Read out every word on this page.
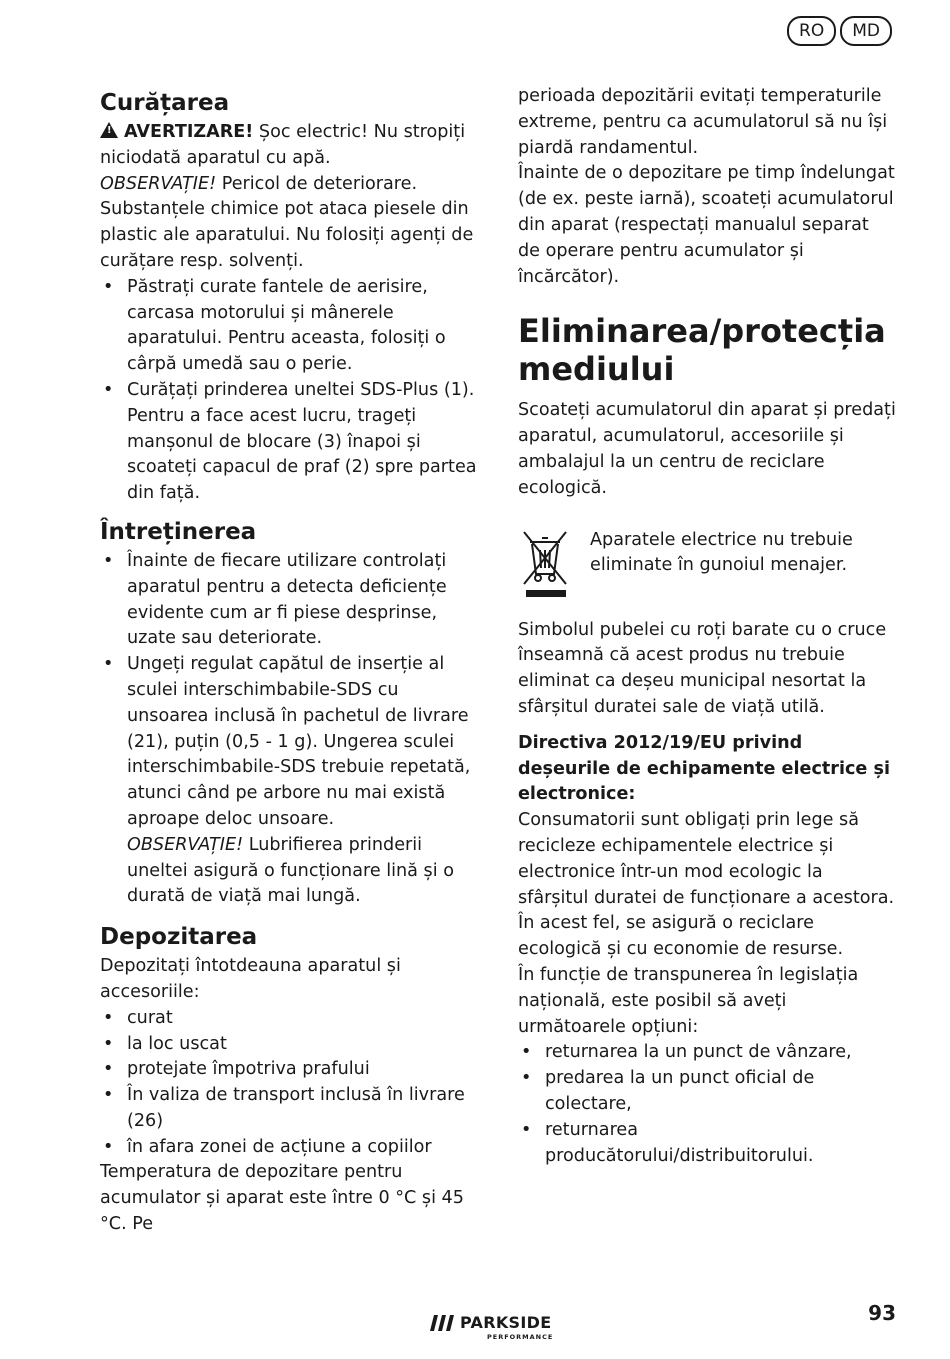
RO	MD
Curățarea

! AVERTIZARE! Șoc electric! Nu stropiți niciodată aparatul cu apă.

OBSERVAȚIE! Pericol de deteriorare. Substanțele chimice pot ataca piesele din plastic ale aparatului. Nu folosiți agenți de curățare resp. solvenți.

• Păstrați curate fantele de aerisire, carcasa motorului și mânerele aparatului. Pentru aceasta, folosiți o cârpă umedă sau o perie.
• Curățați prinderea uneltei SDS-Plus (1). Pentru a face acest lucru, trageți manșonul de blocare (3) înapoi și scoateți capacul de praf (2) spre partea din față.
Întreținerea
• Înainte de fiecare utilizare controlați aparatul pentru a detecta deficiențe evidente cum ar fi piese desprinse, uzate sau deteriorate.
• Ungeți regulat capătul de inserție al sculei interschimbabile-SDS cu unsoarea inclusă în pachetul de livrare (21), puțin (0,5 - 1 g). Ungerea sculei interschimbabile-SDS trebuie repetată, atunci când pe arbore nu mai există aproape deloc unsoare.

OBSERVAȚIE! Lubrifierea prinderii uneltei asigură o funcționare lină și o durată de viață mai lungă.

Depozitarea

Depozitați întotdeauna aparatul și accesoriile:

• curat
• la loc uscat
• protejate împotriva prafului
• În valiza de transport inclusă în livrare (26)
• în afara zonei de acțiune a copiilor

Temperatura de depozitare pentru acumulator și aparat este între 0 °C și 45 °C. Pe

perioada depozitării evitați temperaturile extreme, pentru ca acumulatorul să nu își piardă randamentul.

Înainte de o depozitare pe timp îndelungat (de ex. peste iarnă), scoateți acumulatorul din aparat (respectați manualul separat de operare pentru acumulator și încărcător).

Eliminarea/protecția mediului

Scoateți acumulatorul din aparat și predați aparatul, acumulatorul, accesoriile și ambalajul la un centru de reciclare ecologică.

Aparatele electrice nu trebuie eliminate în gunoiul menajer.

Simbolul pubelei cu roți barate cu o cruce înseamnă că acest produs nu trebuie eliminat ca deșeu municipal nesortat la sfârșitul duratei sale de viață utilă.

Directiva 2012/19/EU privind deșeurile de echipamente electrice și electronice:

Consumatorii sunt obligați prin lege să recicleze echipamentele electrice și electronice într-un mod ecologic la sfârșitul duratei de funcționare a acestora. În acest fel, se asigură o reciclare ecologică și cu economie de resurse.

În funcție de transpunerea în legislația națională, este posibil să aveți următoarele opțiuni:

• returnarea la un punct de vânzare,
• predarea la un punct oficial de colectare,
• returnarea producătorului/distribuitorului.
PARKSIDE
PERFORMANCE
93
